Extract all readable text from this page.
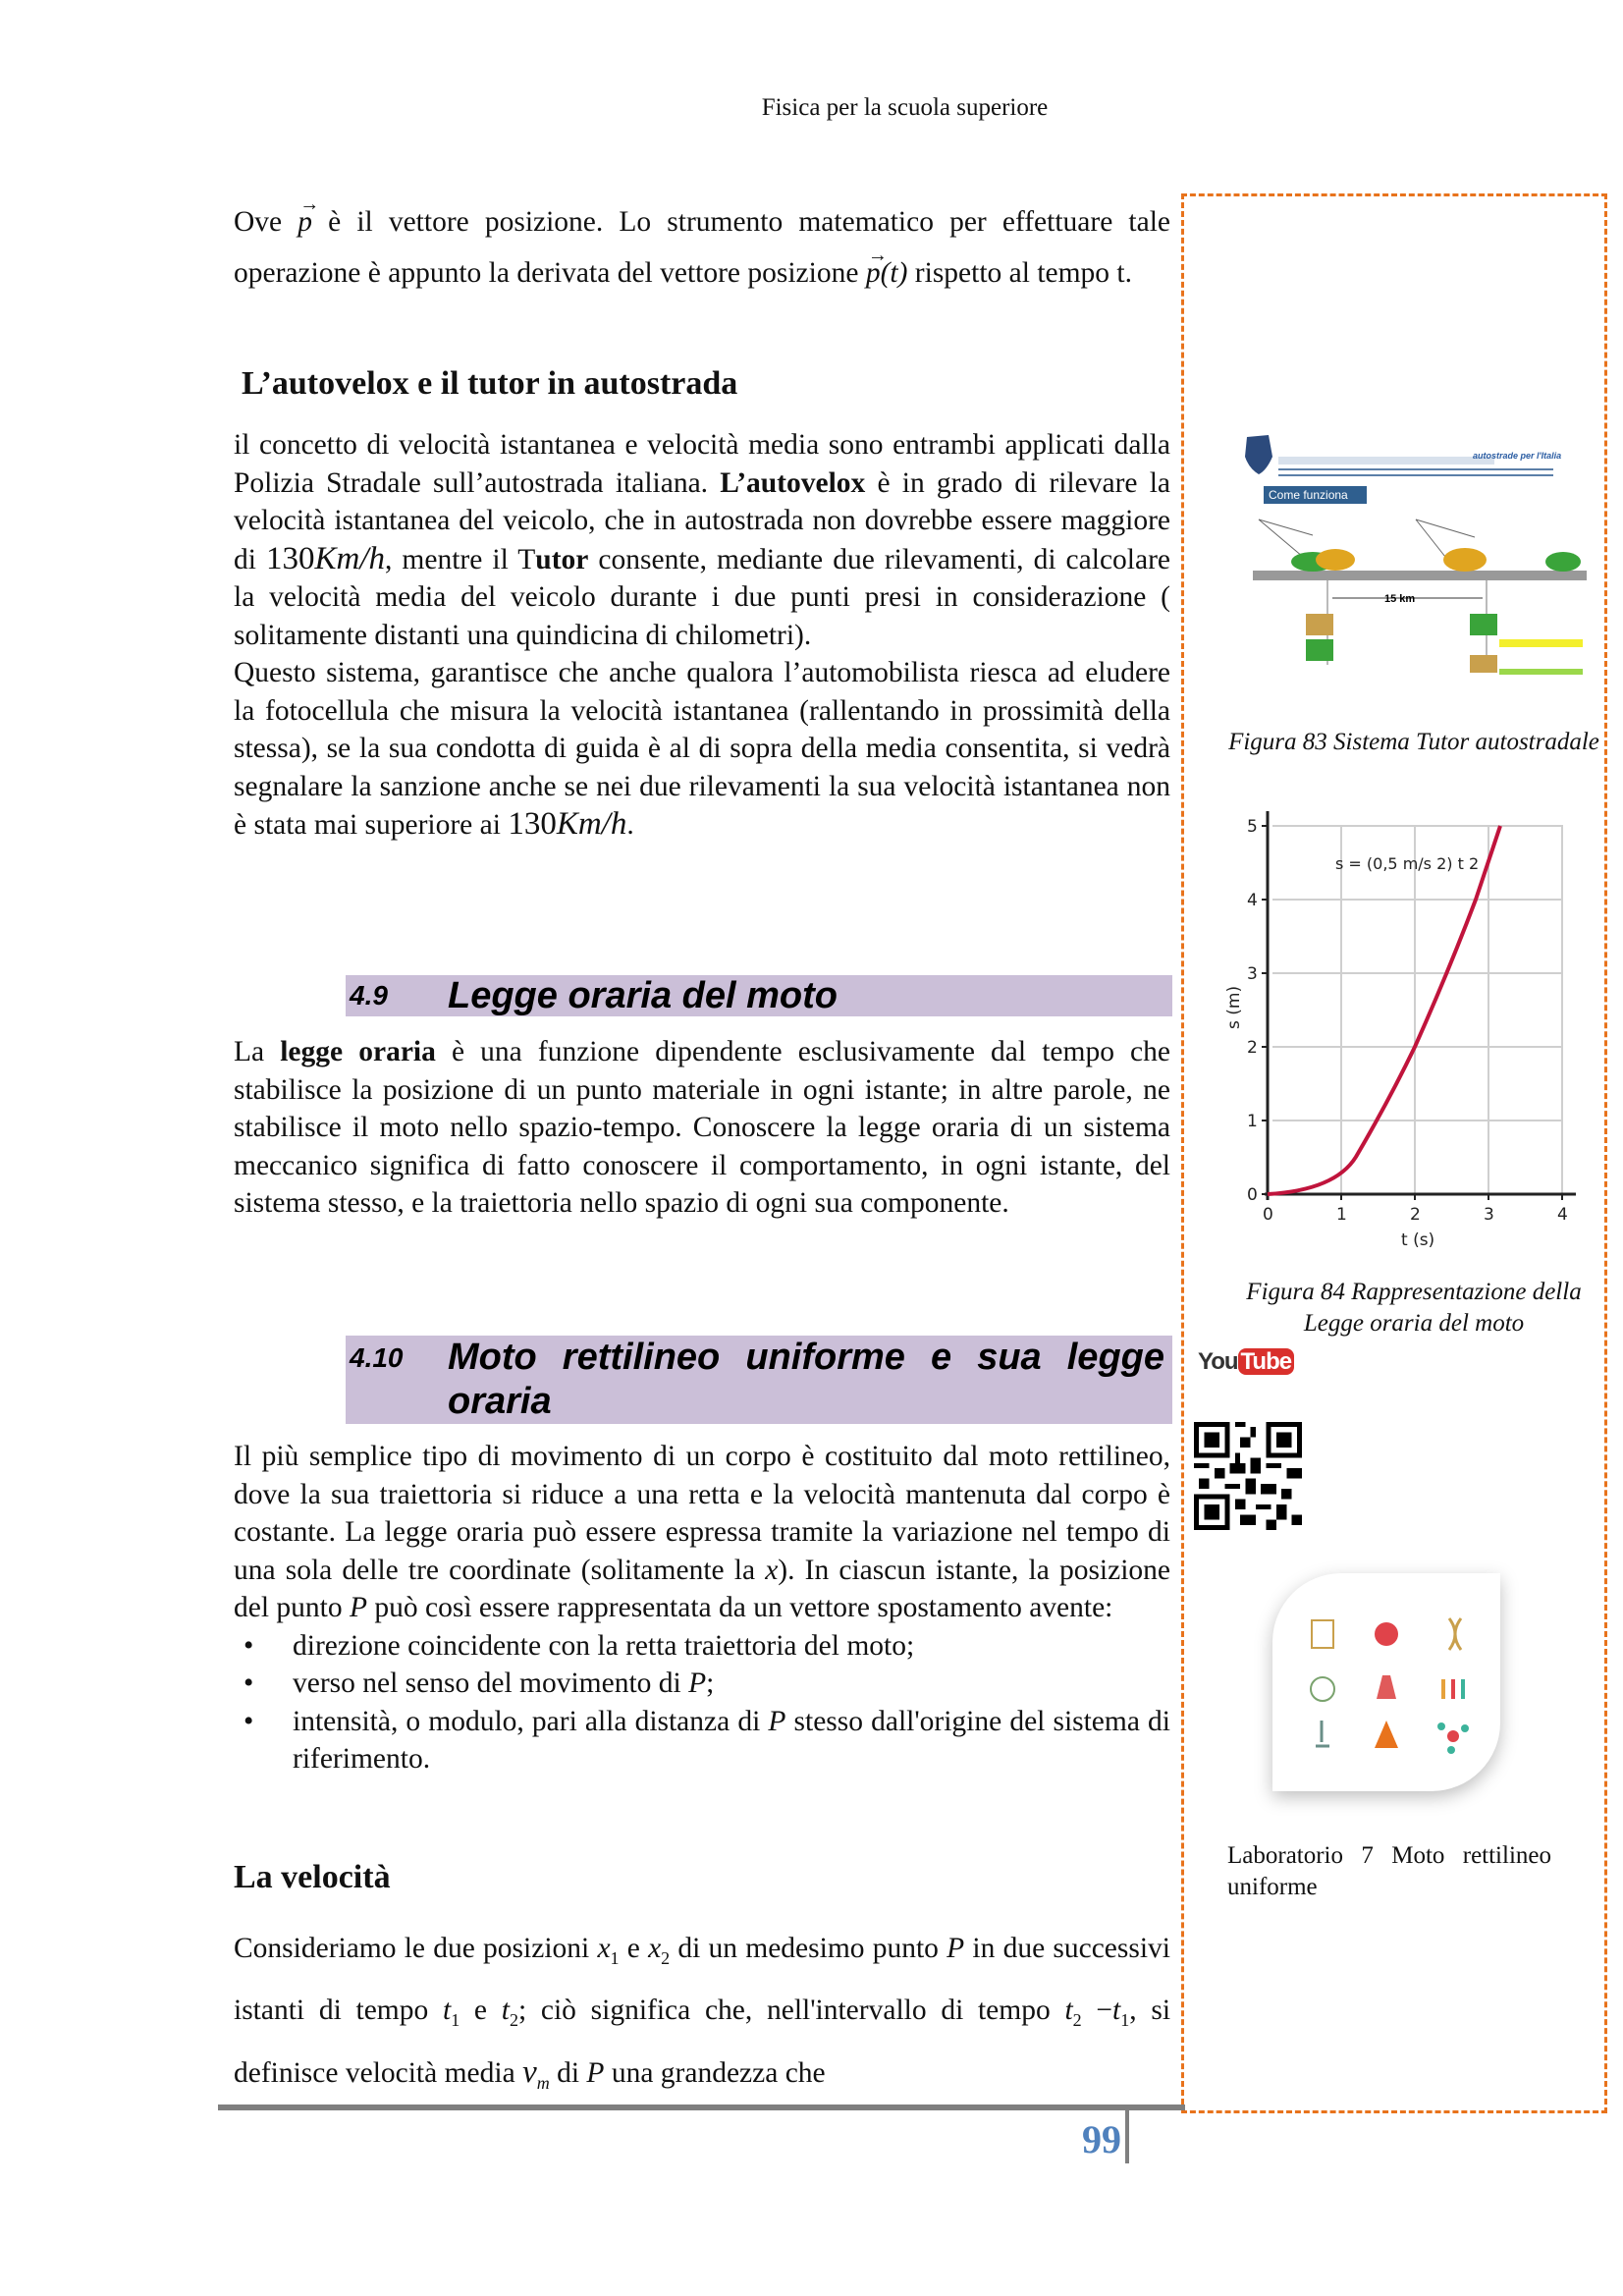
Fisica per la scuola superiore

Ove → p è il vettore posizione. Lo strumento matematico per effettuare tale operazione è appunto la derivata del vettore posizione → p(t) rispetto al tempo t.

L’autovelox e il tutor in autostrada

il concetto di velocità istantanea e velocità media sono entrambi applicati dalla Polizia Stradale sull’autostrada italiana. L’autovelox è in grado di rilevare la velocità istantanea del veicolo, che in autostrada non dovrebbe essere maggiore di 130Km/h, mentre il Tutor consente, mediante due rilevamenti, di calcolare la velocità media del veicolo durante i due punti presi in considerazione ( solitamente distanti una quindicina di chilometri).

Questo sistema, garantisce che anche qualora l’automobilista riesca ad eludere la fotocellula che misura la velocità istantanea (rallentando in prossimità della stessa), se la sua condotta di guida è al di sopra della media consentita, si vedrà segnalare la sanzione anche se nei due rilevamenti la sua velocità istantanea non è stata mai superiore ai 130Km/h.

4.9 Legge oraria del moto

La legge oraria è una funzione dipendente esclusivamente dal tempo che stabilisce la posizione di un punto materiale in ogni istante; in altre parole, ne stabilisce il moto nello spazio-tempo. Conoscere la legge oraria di un sistema meccanico significa di fatto conoscere il comportamento, in ogni istante, del sistema stesso, e la traiettoria nello spazio di ogni sua componente.

4.10 Moto rettilineo uniforme e sua legge oraria

Il più semplice tipo di movimento di un corpo è costituito dal moto rettilineo, dove la sua traiettoria si riduce a una retta e la velocità mantenuta dal corpo è costante. La legge oraria può essere espressa tramite la variazione nel tempo di una sola delle tre coordinate (solitamente la x). In ciascun istante, la posizione del punto P può così essere rappresentata da un vettore spostamento avente:

• direzione coincidente con la retta traiettoria del moto;
• verso nel senso del movimento di P;
• intensità, o modulo, pari alla distanza di P stesso dall'origine del sistema di riferimento.
La velocità

Consideriamo le due posizioni $x_1$ e $x_2$ di un medesimo punto P in due successivi istanti di tempo $t_1$ e $t_2$; ciò significa che, nell'intervallo di tempo $t_2 -t_1$, si definisce velocità media $v_m$ di P una grandezza che

autostrade per l'Italia
Come funziona
15 km
Figura 83 Sistema Tutor autostradale
5
4
3
2
1
0
0	1	2	3	4
t (s)
s (m)
s = (0,5 m/s 2) t 2
Figura 84 Rappresentazione della Legge oraria del moto
You Tube
Laboratorio 7 Moto rettilineo uniforme
99
